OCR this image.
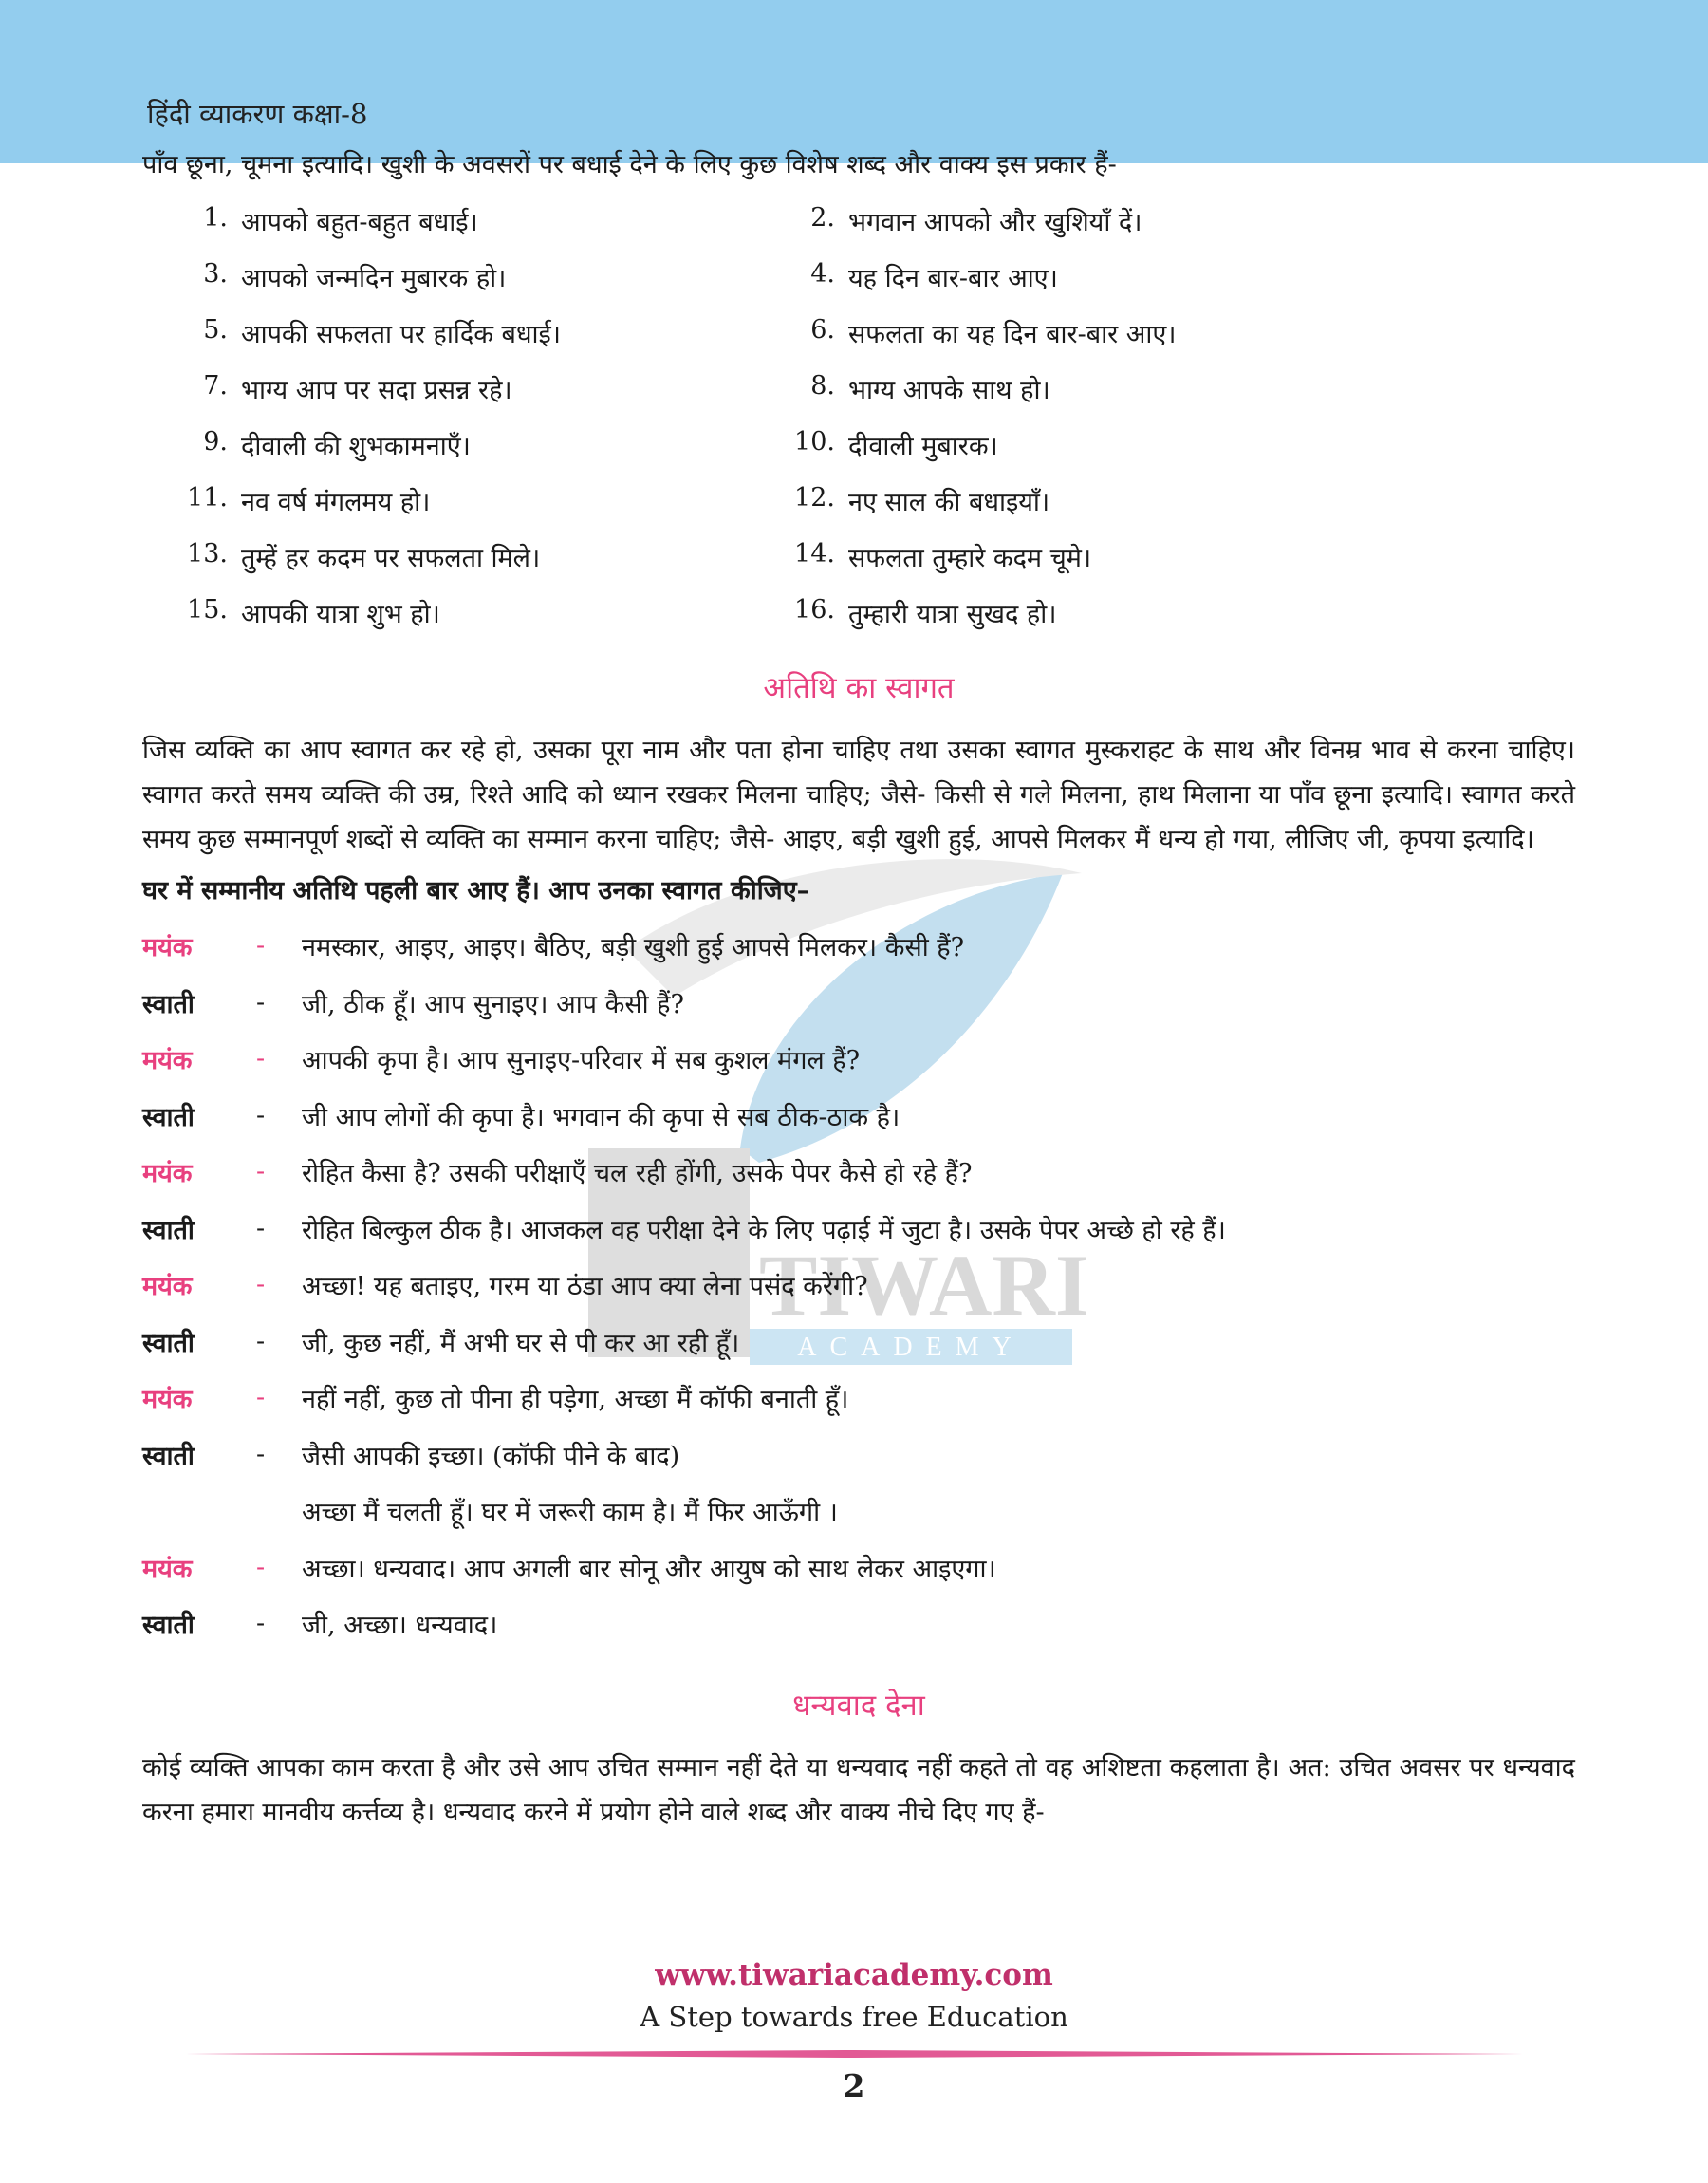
हिंदी व्याकरण कक्षा-8
TIWARI
ACADEMY

पाँव छूना, चूमना इत्यादि। खुशी के अवसरों पर बधाई देने के लिए कुछ विशेष शब्द और वाक्य इस प्रकार हैं-

1. आपको बहुत-बहुत बधाई।	2. भगवान आपको और खुशियाँ दें।
3. आपको जन्मदिन मुबारक हो।	4. यह दिन बार-बार आए।
5. आपकी सफलता पर हार्दिक बधाई।	6. सफलता का यह दिन बार-बार आए।
7. भाग्य आप पर सदा प्रसन्न रहे।	8. भाग्य आपके साथ हो।
9. दीवाली की शुभकामनाएँ।	10. दीवाली मुबारक।
11. नव वर्ष मंगलमय हो।	12. नए साल की बधाइयाँ।
13. तुम्हें हर कदम पर सफलता मिले।	14. सफलता तुम्हारे कदम चूमे।
15. आपकी यात्रा शुभ हो।	16. तुम्हारी यात्रा सुखद हो।
अतिथि का स्वागत

जिस व्यक्ति का आप स्वागत कर रहे हो, उसका पूरा नाम और पता होना चाहिए तथा उसका स्वागत मुस्कराहट के साथ और विनम्र भाव से करना चाहिए। स्वागत करते समय व्यक्ति की उम्र, रिश्ते आदि को ध्यान रखकर मिलना चाहिए; जैसे- किसी से गले मिलना, हाथ मिलाना या पाँव छूना इत्यादि। स्वागत करते समय कुछ सम्मानपूर्ण शब्दों से व्यक्ति का सम्मान करना चाहिए; जैसे- आइए, बड़ी खुशी हुई, आपसे मिलकर मैं धन्य हो गया, लीजिए जी, कृपया इत्यादि।

घर में सम्मानीय अतिथि पहली बार आए हैं। आप उनका स्वागत कीजिए–
मयंक	-	नमस्कार, आइए, आइए। बैठिए, बड़ी खुशी हुई आपसे मिलकर। कैसी हैं?
स्वाती	-	जी, ठीक हूँ। आप सुनाइए। आप कैसी हैं?
मयंक	-	आपकी कृपा है। आप सुनाइए-परिवार में सब कुशल मंगल हैं?
स्वाती	-	जी आप लोगों की कृपा है। भगवान की कृपा से सब ठीक-ठाक है।
मयंक	-	रोहित कैसा है? उसकी परीक्षाएँ चल रही होंगी, उसके पेपर कैसे हो रहे हैं?
स्वाती	-	रोहित बिल्कुल ठीक है। आजकल वह परीक्षा देने के लिए पढ़ाई में जुटा है। उसके पेपर अच्छे हो रहे हैं।
मयंक	-	अच्छा! यह बताइए, गरम या ठंडा आप क्या लेना पसंद करेंगी?
स्वाती	-	जी, कुछ नहीं, मैं अभी घर से पी कर आ रही हूँ।
मयंक	-	नहीं नहीं, कुछ तो पीना ही पड़ेगा, अच्छा मैं कॉफी बनाती हूँ।
स्वाती	-	जैसी आपकी इच्छा। (कॉफी पीने के बाद)
अच्छा मैं चलती हूँ। घर में जरूरी काम है। मैं फिर आऊँगी ।
मयंक	-	अच्छा। धन्यवाद। आप अगली बार सोनू और आयुष को साथ लेकर आइएगा।
स्वाती	-	जी, अच्छा। धन्यवाद।
धन्यवाद देना

कोई व्यक्ति आपका काम करता है और उसे आप उचित सम्मान नहीं देते या धन्यवाद नहीं कहते तो वह अशिष्टता कहलाता है। अत: उचित अवसर पर धन्यवाद करना हमारा मानवीय कर्त्तव्य है। धन्यवाद करने में प्रयोग होने वाले शब्द और वाक्य नीचे दिए गए हैं-

www.tiwariacademy.com
A Step towards free Education
2
